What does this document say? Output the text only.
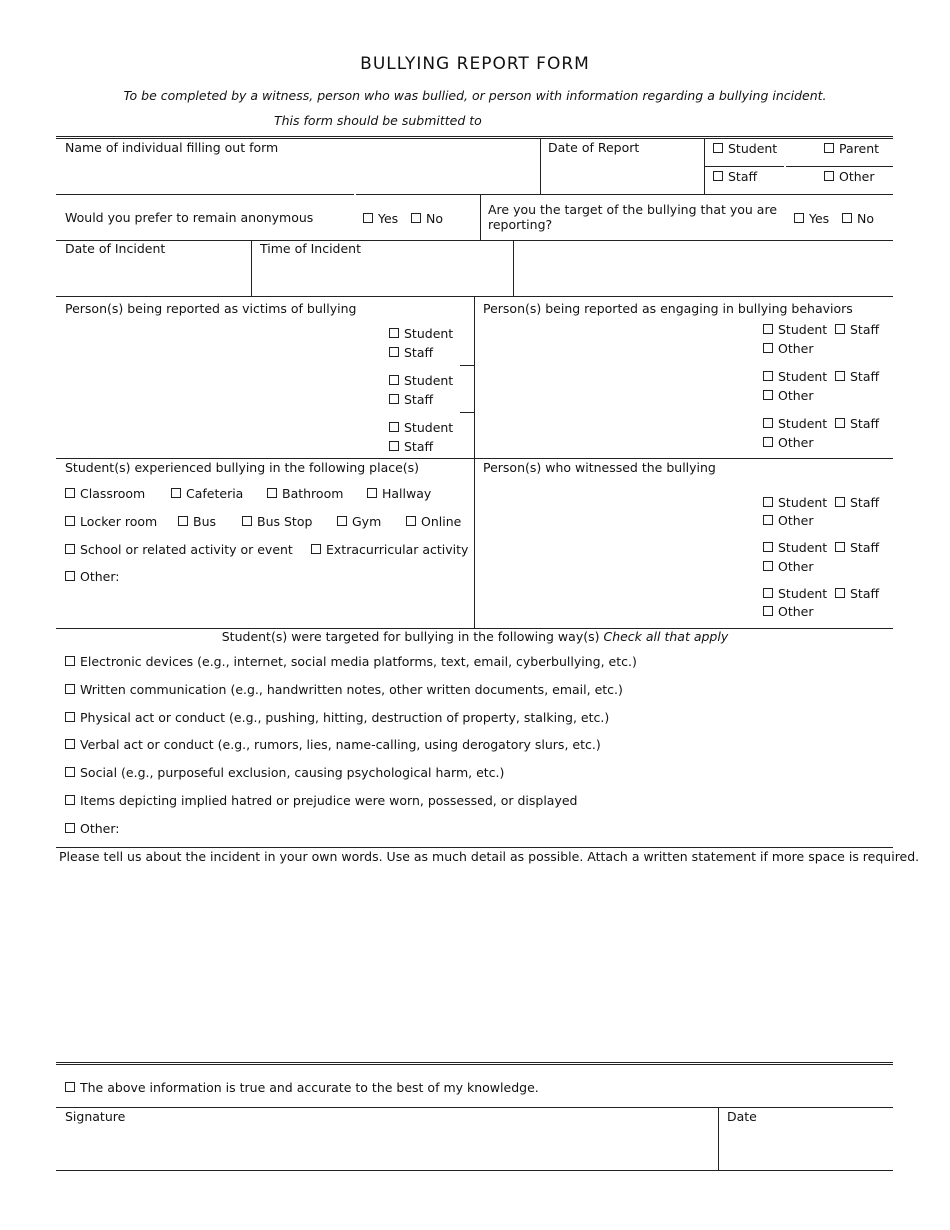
BULLYING REPORT FORM
To be completed by a witness, person who was bullied, or person with information regarding a bullying incident.
This form should be submitted to
Name of individual filling out form	Date of Report	Student	Parent
Staff	Other
Would you prefer to remain anonymous	Yes	No
Are you the target of the bullying that you are reporting?	Yes	No
Date of Incident	Time of Incident
Person(s) being reported as victims of bullying	Person(s) being reported as engaging in bullying behaviors
Student
Staff
Student
Staff
Student
Staff
Student	Staff
Other
Student	Staff
Other
Student	Staff
Other
Student(s) experienced bullying in the following place(s)	Person(s) who witnessed the bullying
Classroom	Cafeteria	Bathroom	Hallway
Locker room	Bus	Bus Stop	Gym	Online
School or related activity or event	Extracurricular activity
Other:
Student	Staff
Other
Student	Staff
Other
Student	Staff
Other
Student(s) were targeted for bullying in the following way(s) Check all that apply
Electronic devices (e.g., internet, social media platforms, text, email, cyberbullying, etc.)
Written communication (e.g., handwritten notes, other written documents, email, etc.)
Physical act or conduct (e.g., pushing, hitting, destruction of property, stalking, etc.)
Verbal act or conduct (e.g., rumors, lies, name-calling, using derogatory slurs, etc.)
Social (e.g., purposeful exclusion, causing psychological harm, etc.)
Items depicting implied hatred or prejudice were worn, possessed, or displayed
Other:
Please tell us about the incident in your own words. Use as much detail as possible. Attach a written statement if more space is required.
The above information is true and accurate to the best of my knowledge.
Signature	Date
